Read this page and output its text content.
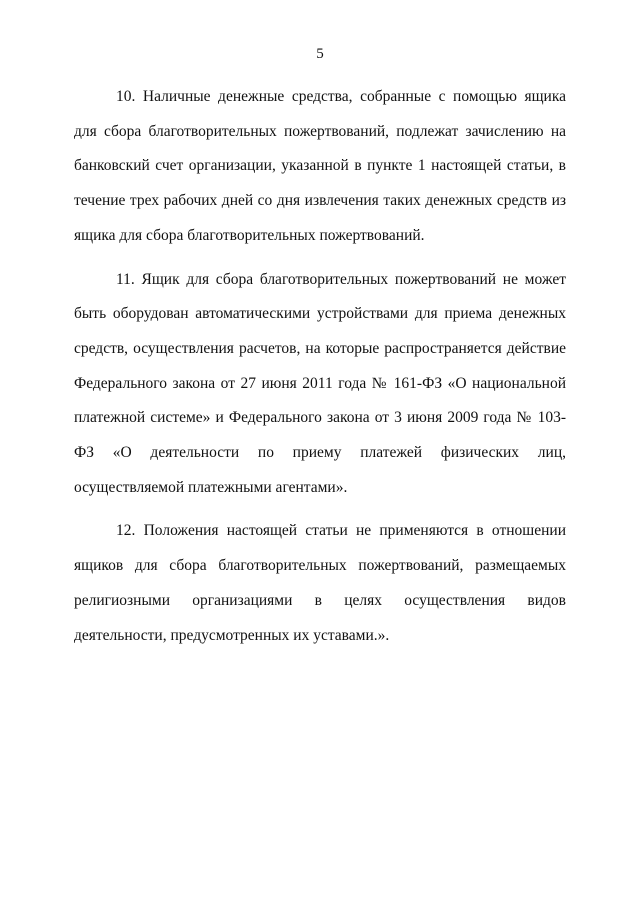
5

10. Наличные денежные средства, собранные с помощью ящика для сбора благотворительных пожертвований, подлежат зачислению на банковский счет организации, указанной в пункте 1 настоящей статьи, в течение трех рабочих дней со дня извлечения таких денежных средств из ящика для сбора благотворительных пожертвований.

11. Ящик для сбора благотворительных пожертвований не может быть оборудован автоматическими устройствами для приема денежных средств, осуществления расчетов, на которые распространяется действие Федерального закона от 27 июня 2011 года № 161-ФЗ «О национальной платежной системе» и Федерального закона от 3 июня 2009 года № 103-ФЗ «О деятельности по приему платежей физических лиц, осуществляемой платежными агентами».

12. Положения настоящей статьи не применяются в отношении ящиков для сбора благотворительных пожертвований, размещаемых религиозными организациями в целях осуществления видов деятельности, предусмотренных их уставами.».
